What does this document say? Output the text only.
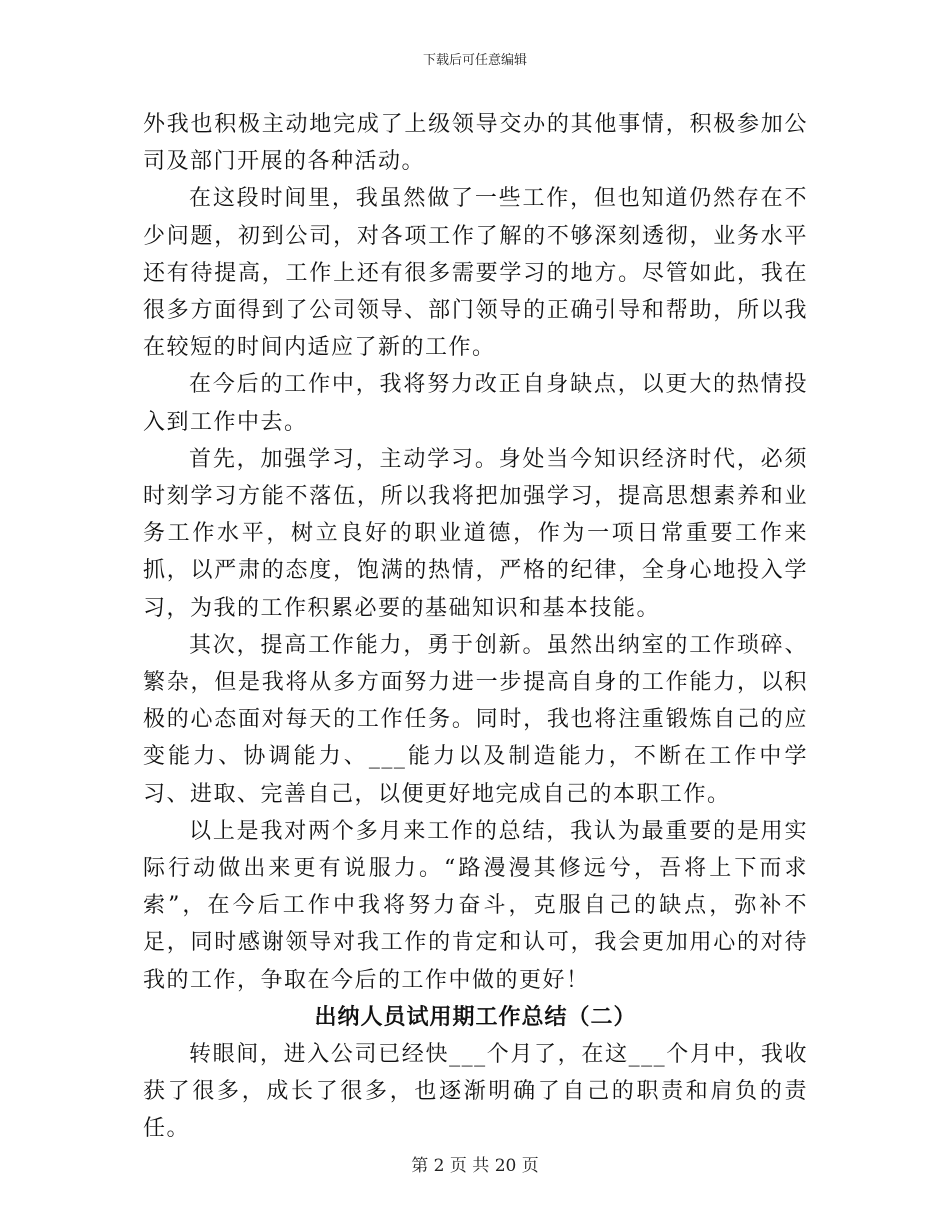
下载后可任意编辑

外我也积极主动地完成了上级领导交办的其他事情，积极参加公司及部门开展的各种活动。

在这段时间里，我虽然做了一些工作，但也知道仍然存在不少问题，初到公司，对各项工作了解的不够深刻透彻，业务水平还有待提高，工作上还有很多需要学习的地方。尽管如此，我在很多方面得到了公司领导、部门领导的正确引导和帮助，所以我在较短的时间内适应了新的工作。

在今后的工作中，我将努力改正自身缺点，以更大的热情投入到工作中去。

首先，加强学习，主动学习。身处当今知识经济时代，必须时刻学习方能不落伍，所以我将把加强学习，提高思想素养和业务工作水平，树立良好的职业道德，作为一项日常重要工作来抓，以严肃的态度，饱满的热情，严格的纪律，全身心地投入学习，为我的工作积累必要的基础知识和基本技能。

其次，提高工作能力，勇于创新。虽然出纳室的工作琐碎、繁杂，但是我将从多方面努力进一步提高自身的工作能力，以积极的心态面对每天的工作任务。同时，我也将注重锻炼自己的应变能力、协调能力、___能力以及制造能力，不断在工作中学习、进取、完善自己，以便更好地完成自己的本职工作。

以上是我对两个多月来工作的总结，我认为最重要的是用实际行动做出来更有说服力。“路漫漫其修远兮，吾将上下而求索”，在今后工作中我将努力奋斗，克服自己的缺点，弥补不足，同时感谢领导对我工作的肯定和认可，我会更加用心的对待我的工作，争取在今后的工作中做的更好！

出纳人员试用期工作总结（二）

转眼间，进入公司已经快___个月了，在这___个月中，我收获了很多，成长了很多，也逐渐明确了自己的职责和肩负的责任。

第 2 页 共 20 页
